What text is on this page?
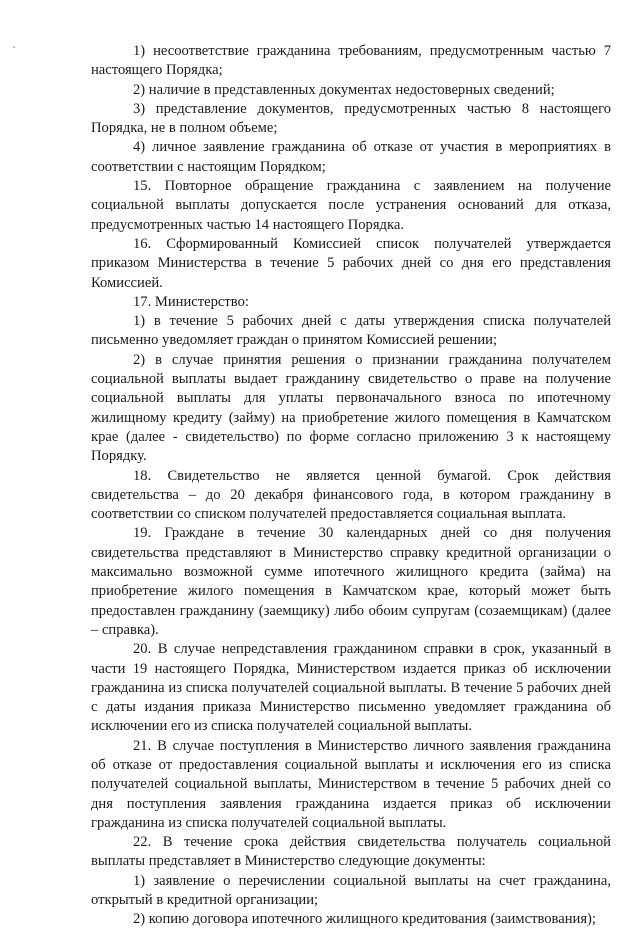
1) несоответствие гражданина требованиям, предусмотренным частью 7 настоящего Порядка;

2) наличие в представленных документах недостоверных сведений;

3) представление документов, предусмотренных частью 8 настоящего Порядка, не в полном объеме;

4) личное заявление гражданина об отказе от участия в мероприятиях в соответствии с настоящим Порядком;

15. Повторное обращение гражданина с заявлением на получение социальной выплаты допускается после устранения оснований для отказа, предусмотренных частью 14 настоящего Порядка.

16. Сформированный Комиссией список получателей утверждается приказом Министерства в течение 5 рабочих дней со дня его представления Комиссией.

17. Министерство:

1) в течение 5 рабочих дней с даты утверждения списка получателей письменно уведомляет граждан о принятом Комиссией решении;

2) в случае принятия решения о признании гражданина получателем социальной выплаты выдает гражданину свидетельство о праве на получение социальной выплаты для уплаты первоначального взноса по ипотечному жилищному кредиту (займу) на приобретение жилого помещения в Камчатском крае (далее - свидетельство) по форме согласно приложению 3 к настоящему Порядку.

18. Свидетельство не является ценной бумагой. Срок действия свидетельства – до 20 декабря финансового года, в котором гражданину в соответствии со списком получателей предоставляется социальная выплата.

19. Граждане в течение 30 календарных дней со дня получения свидетельства представляют в Министерство справку кредитной организации о максимально возможной сумме ипотечного жилищного кредита (займа) на приобретение жилого помещения в Камчатском крае, который может быть предоставлен гражданину (заемщику) либо обоим супругам (созаемщикам) (далее – справка).

20. В случае непредставления гражданином справки в срок, указанный в части 19 настоящего Порядка, Министерством издается приказ об исключении гражданина из списка получателей социальной выплаты. В течение 5 рабочих дней с даты издания приказа Министерство письменно уведомляет гражданина об исключении его из списка получателей социальной выплаты.

21. В случае поступления в Министерство личного заявления гражданина об отказе от предоставления социальной выплаты и исключения его из списка получателей социальной выплаты, Министерством в течение 5 рабочих дней со дня поступления заявления гражданина издается приказ об исключении гражданина из списка получателей социальной выплаты.

22. В течение срока действия свидетельства получатель социальной выплаты представляет в Министерство следующие документы:

1) заявление о перечислении социальной выплаты на счет гражданина, открытый в кредитной организации;

2) копию договора ипотечного жилищного кредитования (заимствования);
